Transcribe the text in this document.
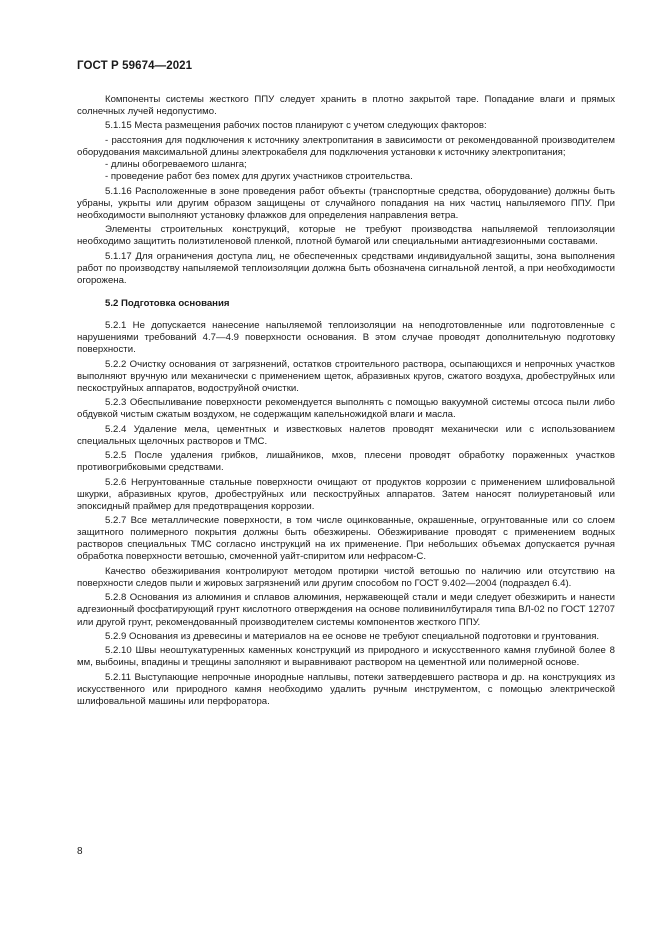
ГОСТ Р 59674—2021

Компоненты системы жесткого ППУ следует хранить в плотно закрытой таре. Попадание влаги и прямых солнечных лучей недопустимо.

5.1.15 Места размещения рабочих постов планируют с учетом следующих факторов:

- расстояния для подключения к источнику электропитания в зависимости от рекомендованной производителем оборудования максимальной длины электрокабеля для подключения установки к источнику электропитания;

- длины обогреваемого шланга;

- проведение работ без помех для других участников строительства.

5.1.16 Расположенные в зоне проведения работ объекты (транспортные средства, оборудование) должны быть убраны, укрыты или другим образом защищены от случайного попадания на них частиц напыляемого ППУ. При необходимости выполняют установку флажков для определения направления ветра.

Элементы строительных конструкций, которые не требуют производства напыляемой теплоизоляции необходимо защитить полиэтиленовой пленкой, плотной бумагой или специальными антиадгезионными составами.

5.1.17 Для ограничения доступа лиц, не обеспеченных средствами индивидуальной защиты, зона выполнения работ по производству напыляемой теплоизоляции должна быть обозначена сигнальной лентой, а при необходимости огорожена.

5.2 Подготовка основания

5.2.1 Не допускается нанесение напыляемой теплоизоляции на неподготовленные или подготовленные с нарушениями требований 4.7—4.9 поверхности основания. В этом случае проводят дополнительную подготовку поверхности.

5.2.2 Очистку основания от загрязнений, остатков строительного раствора, осыпающихся и непрочных участков выполняют вручную или механически с применением щеток, абразивных кругов, сжатого воздуха, дробеструйных или пескоструйных аппаратов, водоструйной очистки.

5.2.3 Обеспыливание поверхности рекомендуется выполнять с помощью вакуумной системы отсоса пыли либо обдувкой чистым сжатым воздухом, не содержащим капельножидкой влаги и масла.

5.2.4 Удаление мела, цементных и известковых налетов проводят механически или с использованием специальных щелочных растворов и ТМС.

5.2.5 После удаления грибков, лишайников, мхов, плесени проводят обработку пораженных участков противогрибковыми средствами.

5.2.6 Негрунтованные стальные поверхности очищают от продуктов коррозии с применением шлифовальной шкурки, абразивных кругов, дробеструйных или пескоструйных аппаратов. Затем наносят полиуретановый или эпоксидный праймер для предотвращения коррозии.

5.2.7 Все металлические поверхности, в том числе оцинкованные, окрашенные, огрунтованные или со слоем защитного полимерного покрытия должны быть обезжирены. Обезжиривание проводят с применением водных растворов специальных ТМС согласно инструкций на их применение. При небольших объемах допускается ручная обработка поверхности ветошью, смоченной уайт-спиритом или нефрасом-С.

Качество обезжиривания контролируют методом протирки чистой ветошью по наличию или отсутствию на поверхности следов пыли и жировых загрязнений или другим способом по ГОСТ 9.402—2004 (подраздел 6.4).

5.2.8 Основания из алюминия и сплавов алюминия, нержавеющей стали и меди следует обезжирить и нанести адгезионный фосфатирующий грунт кислотного отверждения на основе поливинилбутираля типа ВЛ-02 по ГОСТ 12707 или другой грунт, рекомендованный производителем системы компонентов жесткого ППУ.

5.2.9 Основания из древесины и материалов на ее основе не требуют специальной подготовки и грунтования.

5.2.10 Швы неоштукатуренных каменных конструкций из природного и искусственного камня глубиной более 8 мм, выбоины, впадины и трещины заполняют и выравнивают раствором на цементной или полимерной основе.

5.2.11 Выступающие непрочные инородные наплывы, потеки затвердевшего раствора и др. на конструкциях из искусственного или природного камня необходимо удалить ручным инструментом, с помощью электрической шлифовальной машины или перфоратора.

8
